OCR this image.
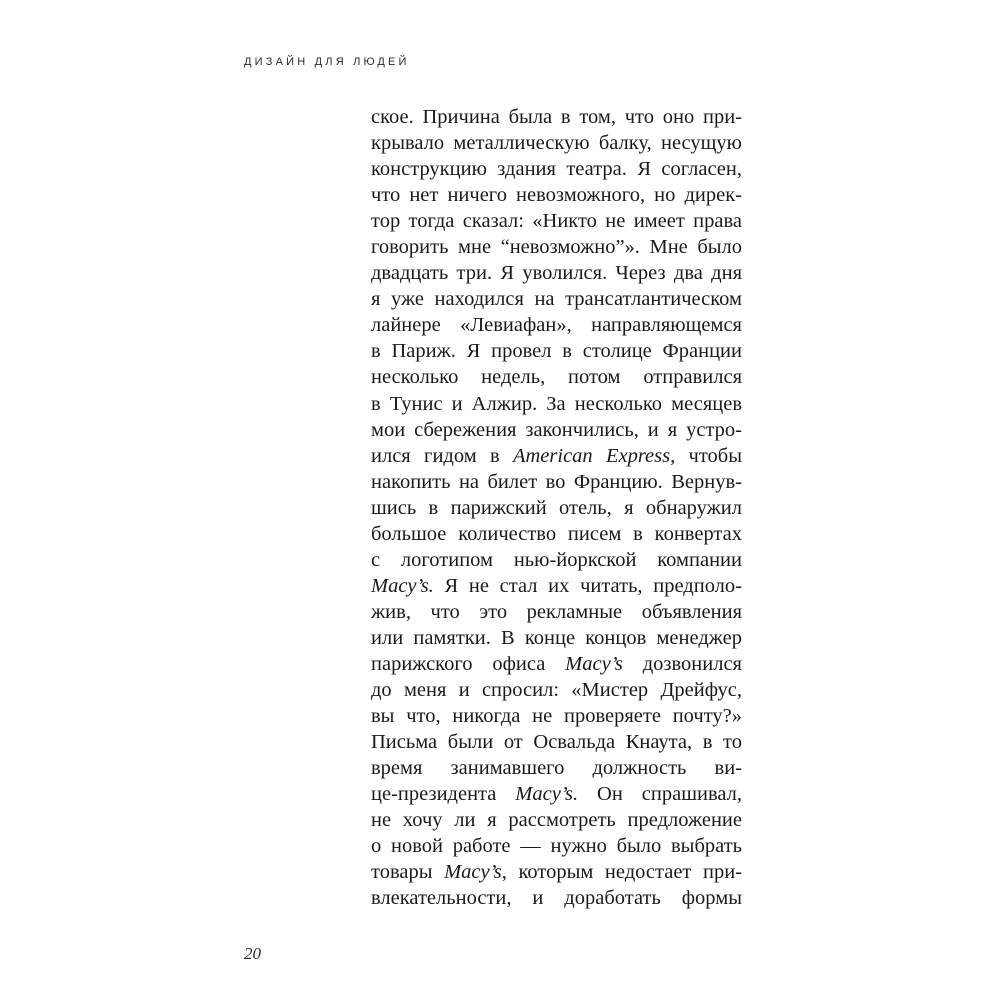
ДИЗАЙН ДЛЯ ЛЮДЕЙ
ское. Причина была в том, что оно при-
крывало металлическую балку, несущую
конструкцию здания театра. Я согласен,
что нет ничего невозможного, но дирек-
тор тогда сказал: «Никто не имеет права
говорить мне “невозможно”». Мне было
двадцать три. Я уволился. Через два дня
я уже находился на трансатлантическом
лайнере «Левиафан», направляющемся
в Париж. Я провел в столице Франции
несколько недель, потом отправился
в Тунис и Алжир. За несколько месяцев
мои сбережения закончились, и я устро-
ился гидом в American Express, чтобы
накопить на билет во Францию. Вернув-
шись в парижский отель, я обнаружил
большое количество писем в конвертах
с логотипом нью-йоркской компании
Macy’s. Я не стал их читать, предполо-
жив, что это рекламные объявления
или памятки. В конце концов менеджер
парижского офиса Macy’s дозвонился
до меня и спросил: «Мистер Дрейфус,
вы что, никогда не проверяете почту?»
Письма были от Освальда Кнаута, в то
время занимавшего должность ви-
це-президента Macy’s. Он спрашивал,
не хочу ли я рассмотреть предложение
о новой работе — нужно было выбрать
товары Macy’s, которым недостает при-
влекательности, и доработать формы
20
